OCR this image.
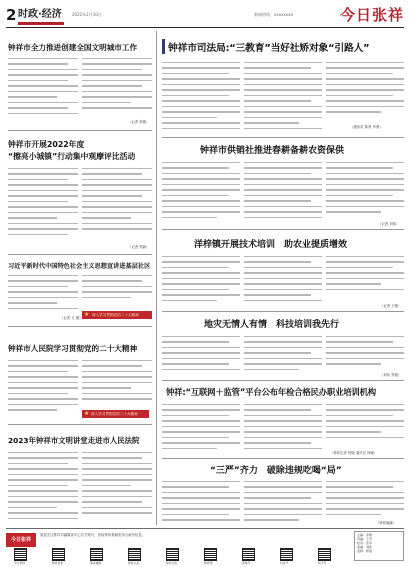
2 时政·经济	2022年2月10日	新闻热线：xxxxxxxx	今日张祥
钟祥市全力推进创建全国文明城市工作
（记者 张敏）
钟祥市开展2022年度
“擦亮小城镇”行动集中观摩评比活动
（记者 郭静）
习近平新时代中国特色社会主义思想宣讲进基层社区
（记者 文 摄） ★ 深入学习贯彻党的二十大精神
钟祥市人民院学习贯彻党的二十大精神
★ 深入学习贯彻党的二十大精神
2023年钟祥市文明讲堂走进市人民法院
钟祥市司法局:“三教育”当好社矫对象“引路人”
（通讯员 陈茜 肖勇）
钟祥市供销社推进春耕备耕农资保供
（记者 刘伟）
洋梓镇开展技术培训　助农业提质增效
（记者 王敏）
地灾无情人有情　科技培训我先行
（刘伟 张健）
钟祥:“互联网＋监管”平台公布年检合格民办职业培训机构
（钟祥记者 钟晓 通讯员 徐蓉）
“三严”齐力　破除违规吃喝“局”
（钟祥融媒）
今日张祥
欢迎关注钟祥市融媒体中心官方账号，获取钟祥最新资讯与政务信息。
今日钟祥	钟祥发布	钟祥融媒	钟祥头条	钟祥日报	钟祥网	视频号	抖音号	快手号
主编：李明
责编：王芳
校对：张华
美编：刘洋
监制：陈强
